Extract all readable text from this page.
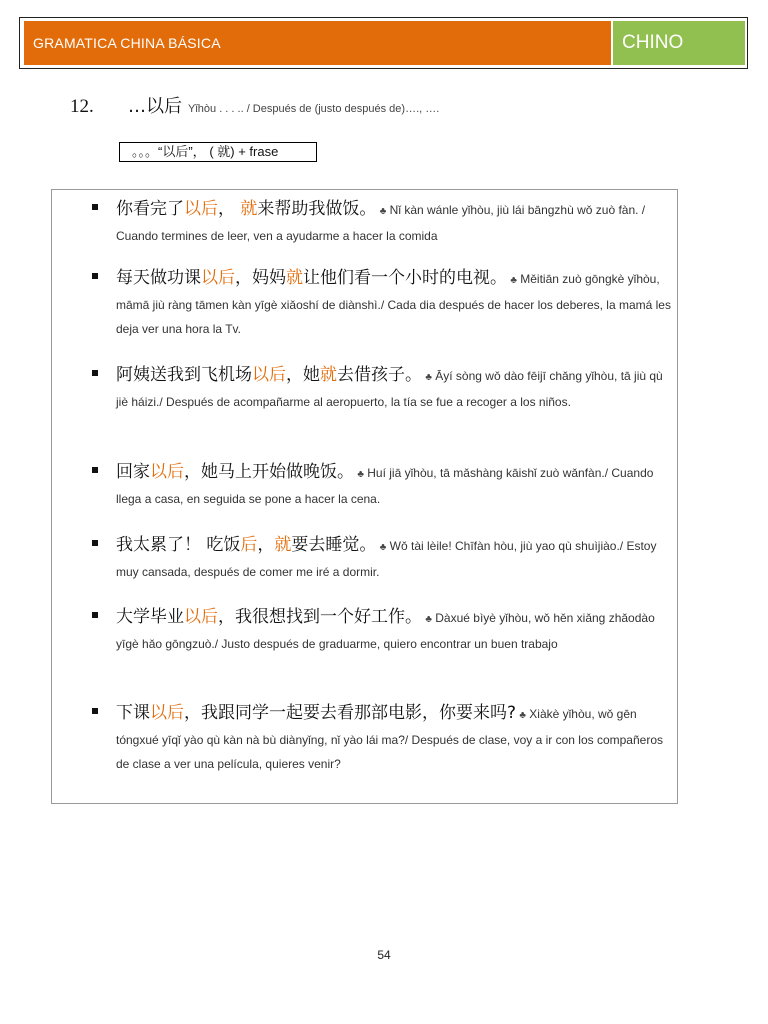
GRAMATICA CHINA BÁSICA	CHINO
12.	…以后 Yǐhòu . . . .. / Después de (justo después de)…., ….
。。。“以后”， ( 就) + frase
你看完了以后， 就来帮助我做饭。 ♣ Nǐ kàn wánle yǐhòu, jiù lái bāngzhù wǒ zuò fàn. / Cuando termines de leer, ven a ayudarme a hacer la comida
每天做功课以后，妈妈就让他们看一个小时的电视。 ♣ Měitiān zuò gōngkè yǐhòu, māmā jiù ràng tāmen kàn yīgè xiǎoshí de diànshì./ Cada dia después de hacer los deberes, la mamá les deja ver una hora la Tv.
阿姨送我到飞机场以后，她就去借孩子。 ♣ Āyí sòng wǒ dào fēijī chǎng yǐhòu, tā jiù qù jiè háizi./ Después de acompañarme al aeropuerto, la tía se fue a recoger a los niños.
回家以后，她马上开始做晚饭。 ♣ Huí jiā yǐhòu, tā mǎshàng kāishǐ zuò wǎnfàn./ Cuando llega a casa, en seguida se pone a hacer la cena.
我太累了！ 吃饭后，就要去睡觉。 ♣ Wǒ tài lèile! Chīfàn hòu, jiù yao qù shuìjiào./ Estoy muy cansada, después de comer me iré a dormir.
大学毕业以后，我很想找到一个好工作。 ♣ Dàxué bìyè yǐhòu, wǒ hěn xiǎng zhǎodào yīgè hǎo gōngzuò./ Justo después de graduarme, quiero encontrar un buen trabajo
下课以后，我跟同学一起要去看那部电影，你要来吗? ♣ Xiàkè yǐhòu, wǒ gēn tóngxué yīqǐ yào qù kàn nà bù diànyǐng, nǐ yào lái ma?/ Después de clase, voy a ir con los compañeros de clase a ver una película, quieres venir?
54
